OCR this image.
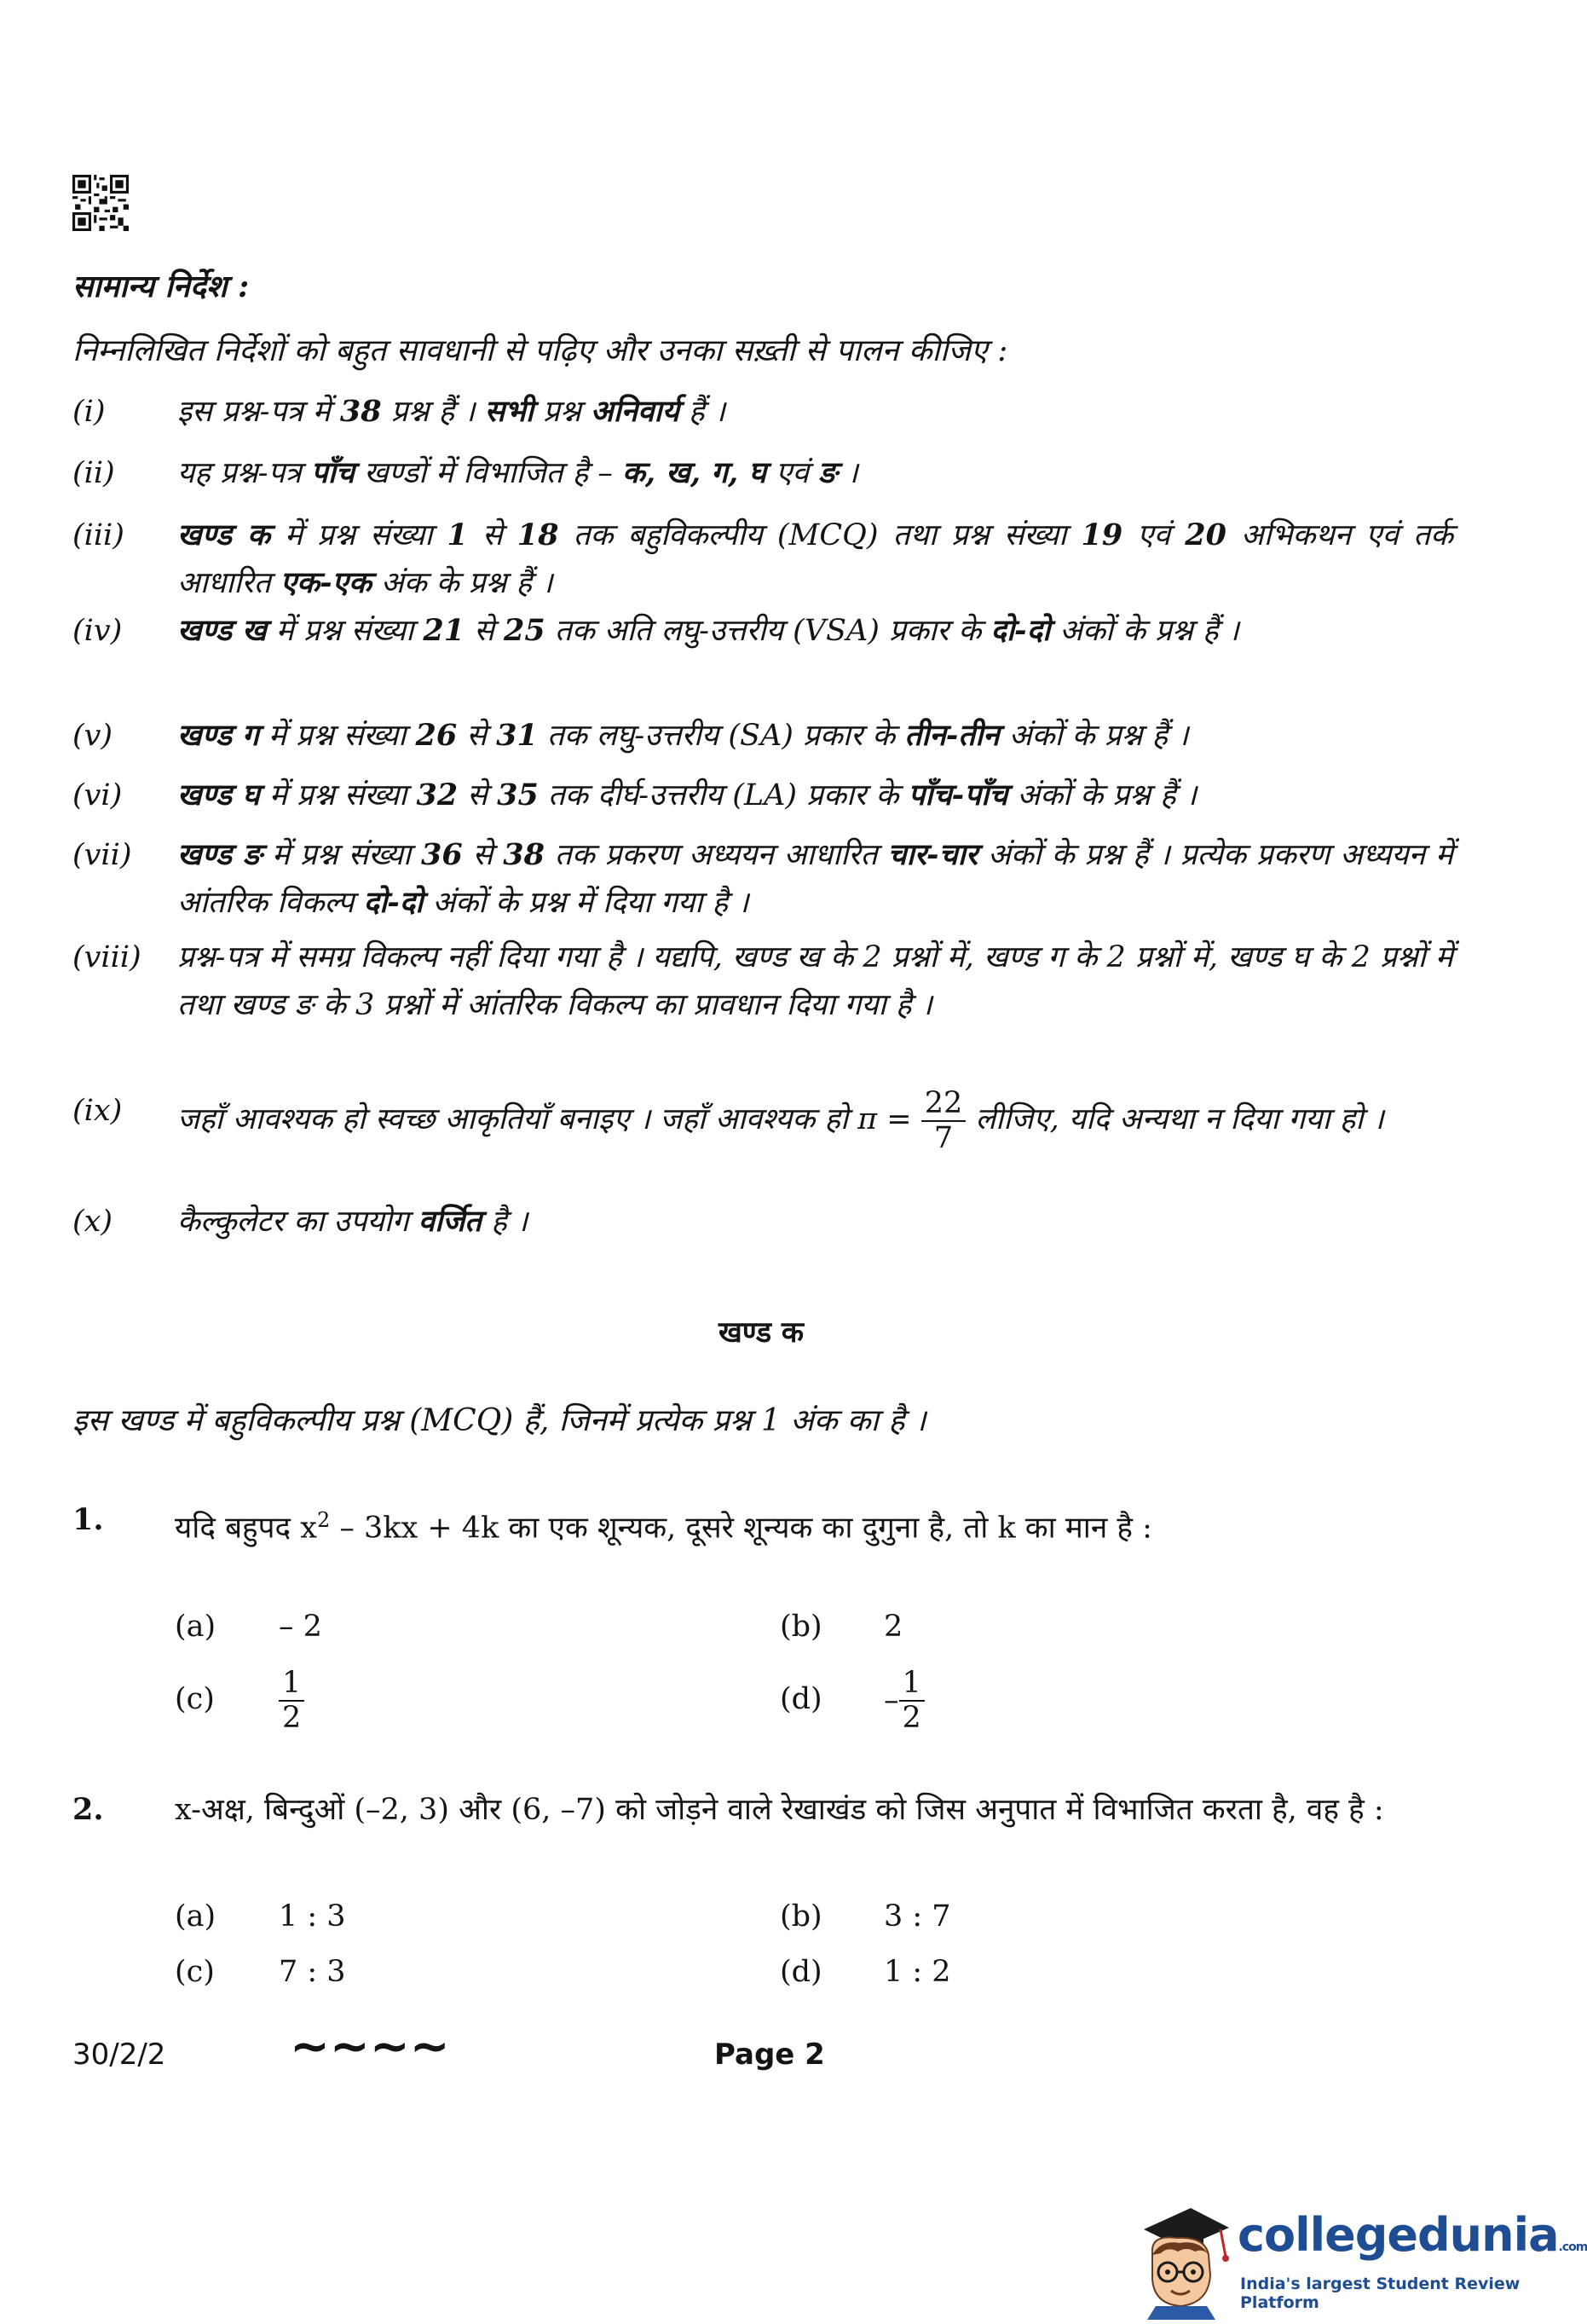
सामान्य निर्देश :
निम्नलिखित निर्देशों को बहुत सावधानी से पढ़िए और उनका सख़्ती से पालन कीजिए :
(i) इस प्रश्न-पत्र में 38 प्रश्न हैं । सभी प्रश्न अनिवार्य हैं ।
(ii) यह प्रश्न-पत्र पाँच खण्डों में विभाजित है – क, ख, ग, घ एवं ङ ।
(iii) खण्ड क में प्रश्न संख्या 1 से 18 तक बहुविकल्पीय (MCQ) तथा प्रश्न संख्या 19 एवं 20 अभिकथन एवं तर्क आधारित एक-एक अंक के प्रश्न हैं ।
(iv) खण्ड ख में प्रश्न संख्या 21 से 25 तक अति लघु-उत्तरीय (VSA) प्रकार के दो-दो अंकों के प्रश्न हैं ।
(v) खण्ड ग में प्रश्न संख्या 26 से 31 तक लघु-उत्तरीय (SA) प्रकार के तीन-तीन अंकों के प्रश्न हैं ।
(vi) खण्ड घ में प्रश्न संख्या 32 से 35 तक दीर्घ-उत्तरीय (LA) प्रकार के पाँच-पाँच अंकों के प्रश्न हैं ।
(vii) खण्ड ङ में प्रश्न संख्या 36 से 38 तक प्रकरण अध्ययन आधारित चार-चार अंकों के प्रश्न हैं । प्रत्येक प्रकरण अध्ययन में आंतरिक विकल्प दो-दो अंकों के प्रश्न में दिया गया है ।
(viii) प्रश्न-पत्र में समग्र विकल्प नहीं दिया गया है । यद्यपि, खण्ड ख के 2 प्रश्नों में, खण्ड ग के 2 प्रश्नों में, खण्ड घ के 2 प्रश्नों में तथा खण्ड ङ के 3 प्रश्नों में आंतरिक विकल्प का प्रावधान दिया गया है ।
(x) कैल्कुलेटर का उपयोग वर्जित है ।
(ix) जहाँ आवश्यक हो स्वच्छ आकृतियाँ बनाइए । जहाँ आवश्यक हो $\pi = \frac{22}{7}$ लीजिए, यदि अन्यथा न दिया गया हो ।
खण्ड क
इस खण्ड में बहुविकल्पीय प्रश्न (MCQ) हैं, जिनमें प्रत्येक प्रश्न 1 अंक का है ।
1. यदि बहुपद $x^2 - 3kx + 4k$ का एक शून्यक, दूसरे शून्यक का दुगुना है, तो k का मान है :
(a) – 2	(b) 2
$(c) \frac{1}{2}$	$(d) - \frac{1}{2}$
2. x-अक्ष, बिन्दुओं (–2, 3) और (6, –7) को जोड़ने वाले रेखाखंड को जिस अनुपात में विभाजित करता है, वह है :
(a) 1 : 3	(b) 3 : 7
(c) 7 : 3	(d) 1 : 2
30/2/2	~~~~	Page 2
collegedunia.com
India's largest Student Review Platform
